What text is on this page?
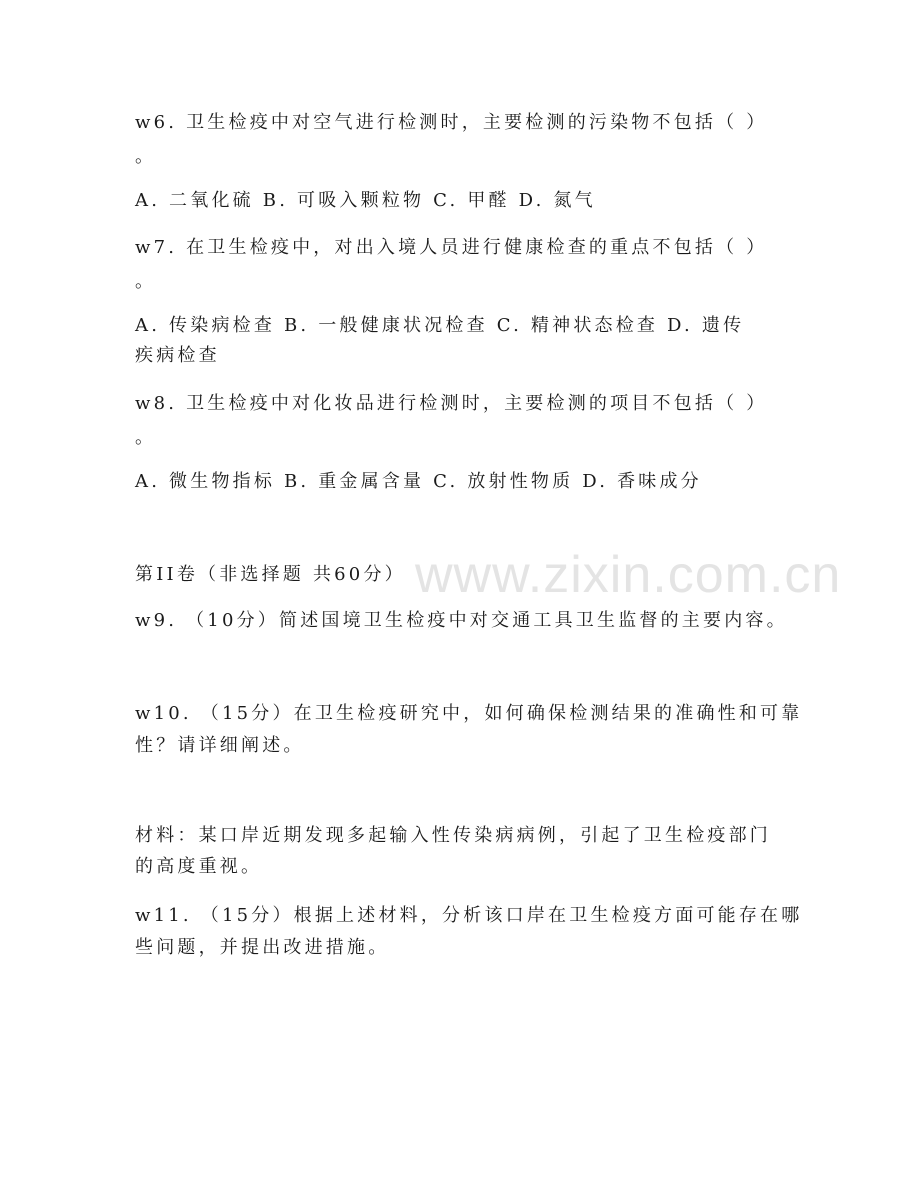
www.zixin.com.cn
w6. 卫生检疫中对空气进行检测时，主要检测的污染物不包括（ ）
。
A. 二氧化硫 B. 可吸入颗粒物 C. 甲醛 D. 氮气
w7. 在卫生检疫中，对出入境人员进行健康检查的重点不包括（ ）
。
A. 传染病检查 B. 一般健康状况检查 C. 精神状态检查 D. 遗传
疾病检查
w8. 卫生检疫中对化妆品进行检测时，主要检测的项目不包括（ ）
。
A. 微生物指标 B. 重金属含量 C. 放射性物质 D. 香味成分
第II卷（非选择题 共60分）
w9. （10分）简述国境卫生检疫中对交通工具卫生监督的主要内容。
w10. （15分）在卫生检疫研究中，如何确保检测结果的准确性和可靠
性？请详细阐述。
材料：某口岸近期发现多起输入性传染病病例，引起了卫生检疫部门
的高度重视。
w11. （15分）根据上述材料，分析该口岸在卫生检疫方面可能存在哪
些问题，并提出改进措施。
